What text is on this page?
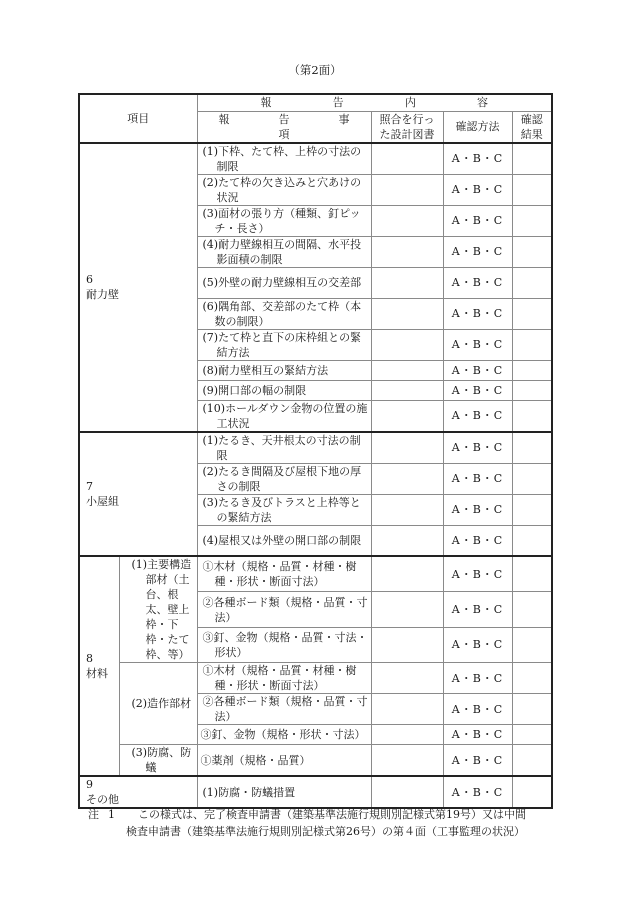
（第2面）
項目		報 告 内 容			

		報 告 事
項	照合を行った設計図書	確認方法	確認結果

6
耐力壁		(1)下枠、たて枠、上枠の寸法の制限		A・B・C	

		(2)たて枠の欠き込みと穴あけの状況		A・B・C	

		(3)面材の張り方（種類、釘ピッチ・長さ）		A・B・C	

		(4)耐力壁線相互の間隔、水平投影面積の制限		A・B・C	

		(5)外壁の耐力壁線相互の交差部		A・B・C	

		(6)隅角部、交差部のたて枠（本数の制限）		A・B・C	

		(7)たて枠と直下の床枠組との緊結方法		A・B・C	

		(8)耐力壁相互の緊結方法		A・B・C	

		(9)開口部の幅の制限		A・B・C	

		(10)ホールダウン金物の位置の施工状況		A・B・C	

7
小屋組		(1)たるき、天井根太の寸法の制限		A・B・C	

		(2)たるき間隔及び屋根下地の厚さの制限		A・B・C	

		(3)たるき及びトラスと上枠等との緊結方法		A・B・C	

		(4)屋根又は外壁の開口部の制限		A・B・C	

8
材料	(1)主要構造部材（土台、根太、壁上枠・下枠・たて枠、等）	①木材（規格・品質・材種・樹種・形状・断面寸法）		A・B・C	

		②各種ボード類（規格・品質・寸法）		A・B・C	

		③釘、金物（規格・品質・寸法・形状）		A・B・C	

	(2)造作部材	①木材（規格・品質・材種・樹種・形状・断面寸法）		A・B・C	

		②各種ボード類（規格・品質・寸法）		A・B・C	

		③釘、金物（規格・形状・寸法）		A・B・C	

	(3)防腐、防蟻	①薬剤（規格・品質）		A・B・C	

9
その他		(1)防腐・防蟻措置		A・B・C	
注 1	この様式は、完了検査申請書（建築基準法施行規則別記様式第19号）又は中間
検査申請書（建築基準法施行規則別記様式第26号）の第４面（工事監理の状況）
